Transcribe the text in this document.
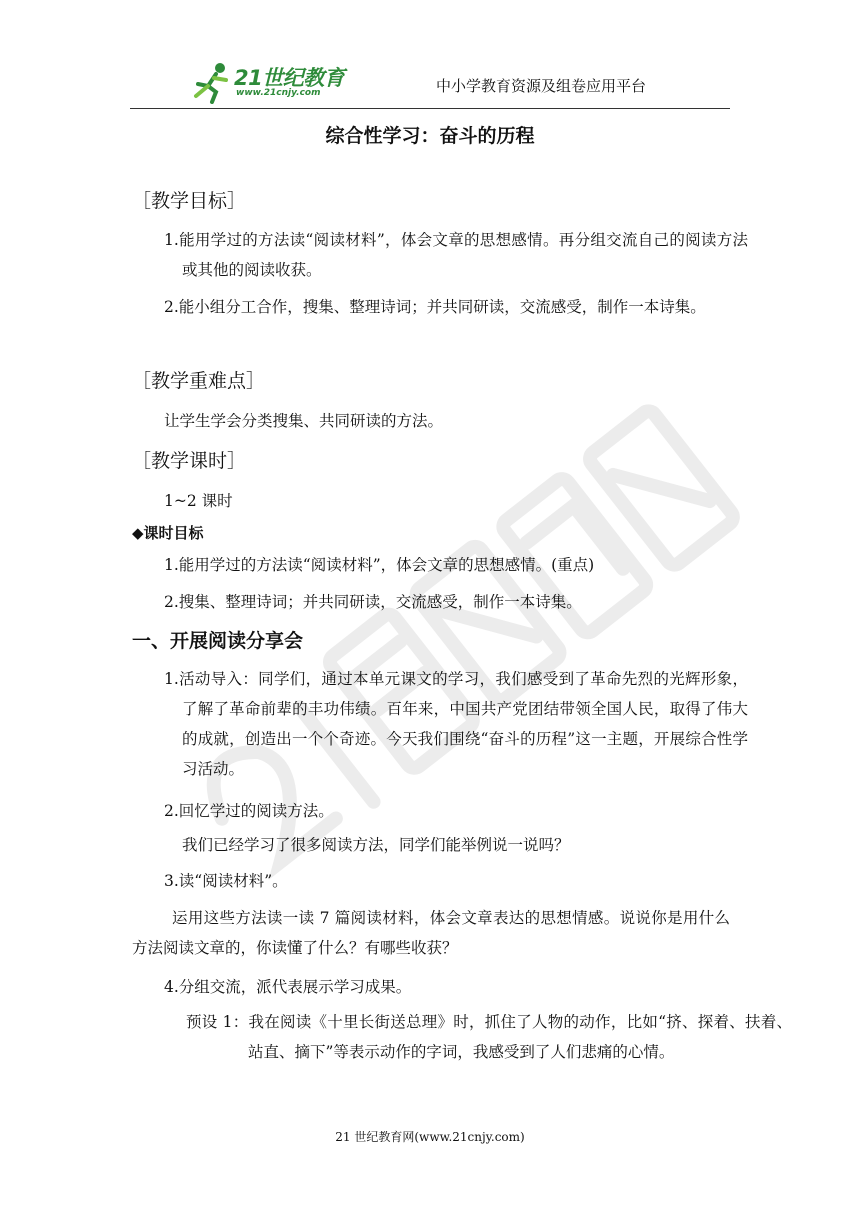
21世纪教育
www.21cnjy.com	中小学教育资源及组卷应用平台
综合性学习：奋斗的历程
［教学目标］
1.能用学过的方法读“阅读材料”，体会文章的思想感情。再分组交流自己的阅读方法或其他的阅读收获。
2.能小组分工合作，搜集、整理诗词；并共同研读，交流感受，制作一本诗集。
［教学重难点］
让学生学会分类搜集、共同研读的方法。
［教学课时］
1~2 课时
◆课时目标
1.能用学过的方法读“阅读材料”，体会文章的思想感情。(重点)
2.搜集、整理诗词；并共同研读，交流感受，制作一本诗集。
一、开展阅读分享会
1.活动导入：同学们，通过本单元课文的学习，我们感受到了革命先烈的光辉形象，了解了革命前辈的丰功伟绩。百年来，中国共产党团结带领全国人民，取得了伟大的成就，创造出一个个奇迹。今天我们围绕“奋斗的历程”这一主题，开展综合性学习活动。
2.回忆学过的阅读方法。
我们已经学习了很多阅读方法，同学们能举例说一说吗？
3.读“阅读材料”。
运用这些方法读一读 7 篇阅读材料，体会文章表达的思想情感。说说你是用什么方法阅读文章的，你读懂了什么？有哪些收获？
4.分组交流，派代表展示学习成果。
预设 1：我在阅读《十里长街送总理》时，抓住了人物的动作，比如“挤、探着、扶着、站直、摘下”等表示动作的字词，我感受到了人们悲痛的心情。
21 世纪教育网(www.21cnjy.com)
